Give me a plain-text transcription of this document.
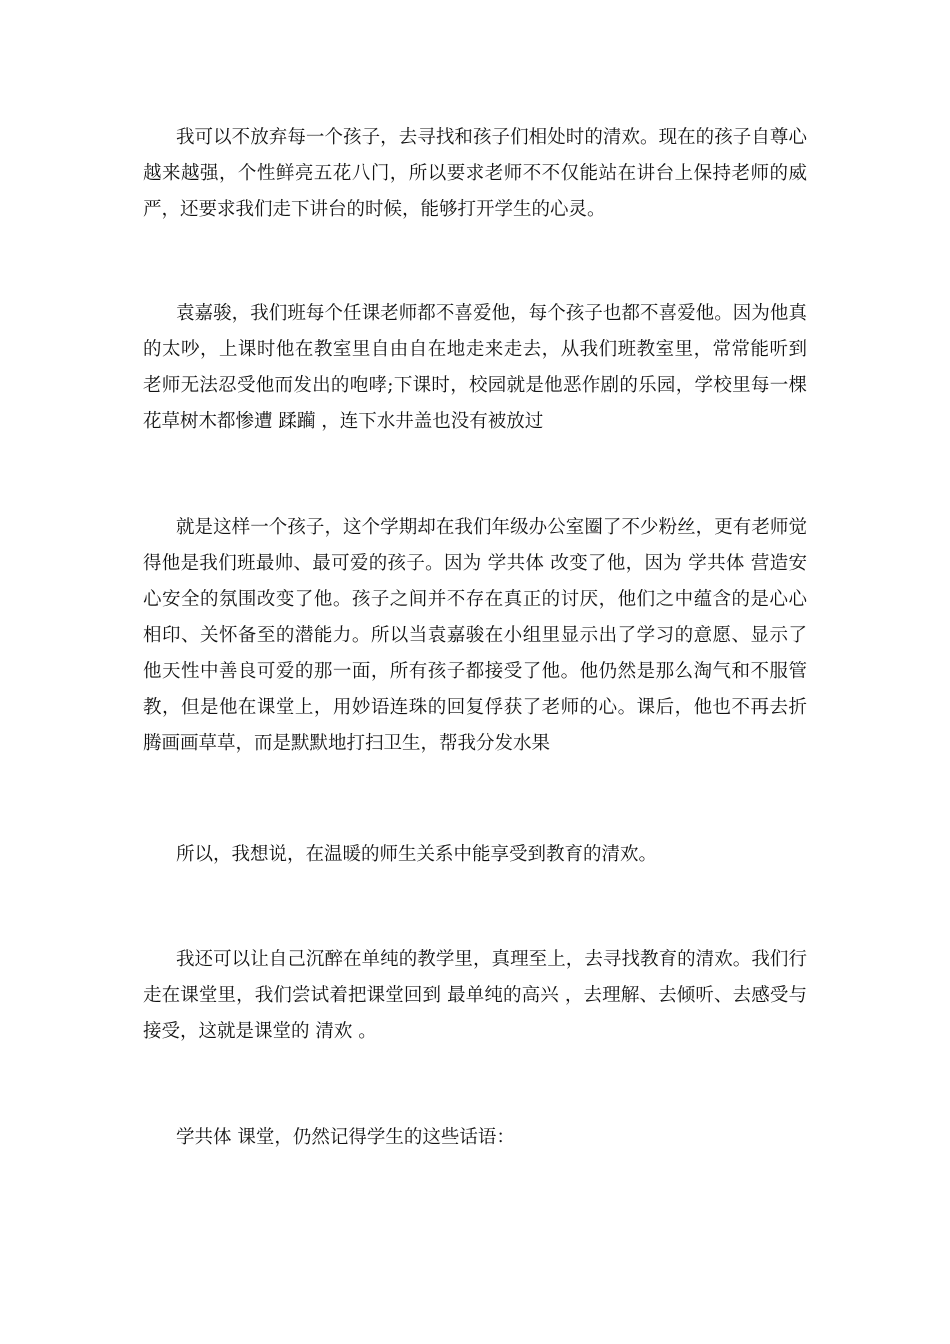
我可以不放弃每一个孩子，去寻找和孩子们相处时的清欢。现在的孩子自尊心越来越强，个性鲜亮五花八门，所以要求老师不不仅能站在讲台上保持老师的威严，还要求我们走下讲台的时候，能够打开学生的心灵。

袁嘉骏，我们班每个任课老师都不喜爱他，每个孩子也都不喜爱他。因为他真的太吵，上课时他在教室里自由自在地走来走去，从我们班教室里，常常能听到老师无法忍受他而发出的咆哮;下课时，校园就是他恶作剧的乐园，学校里每一棵花草树木都惨遭 蹂躏 ，连下水井盖也没有被放过

就是这样一个孩子，这个学期却在我们年级办公室圈了不少粉丝，更有老师觉得他是我们班最帅、最可爱的孩子。因为 学共体 改变了他，因为 学共体 营造安心安全的氛围改变了他。孩子之间并不存在真正的讨厌，他们之中蕴含的是心心相印、关怀备至的潜能力。所以当袁嘉骏在小组里显示出了学习的意愿、显示了他天性中善良可爱的那一面，所有孩子都接受了他。他仍然是那么淘气和不服管教，但是他在课堂上，用妙语连珠的回复俘获了老师的心。课后，他也不再去折腾画画草草，而是默默地打扫卫生，帮我分发水果

所以，我想说，在温暖的师生关系中能享受到教育的清欢。

我还可以让自己沉醉在单纯的教学里，真理至上，去寻找教育的清欢。我们行走在课堂里，我们尝试着把课堂回到 最单纯的高兴 ，去理解、去倾听、去感受与接受，这就是课堂的 清欢 。

学共体 课堂，仍然记得学生的这些话语：
